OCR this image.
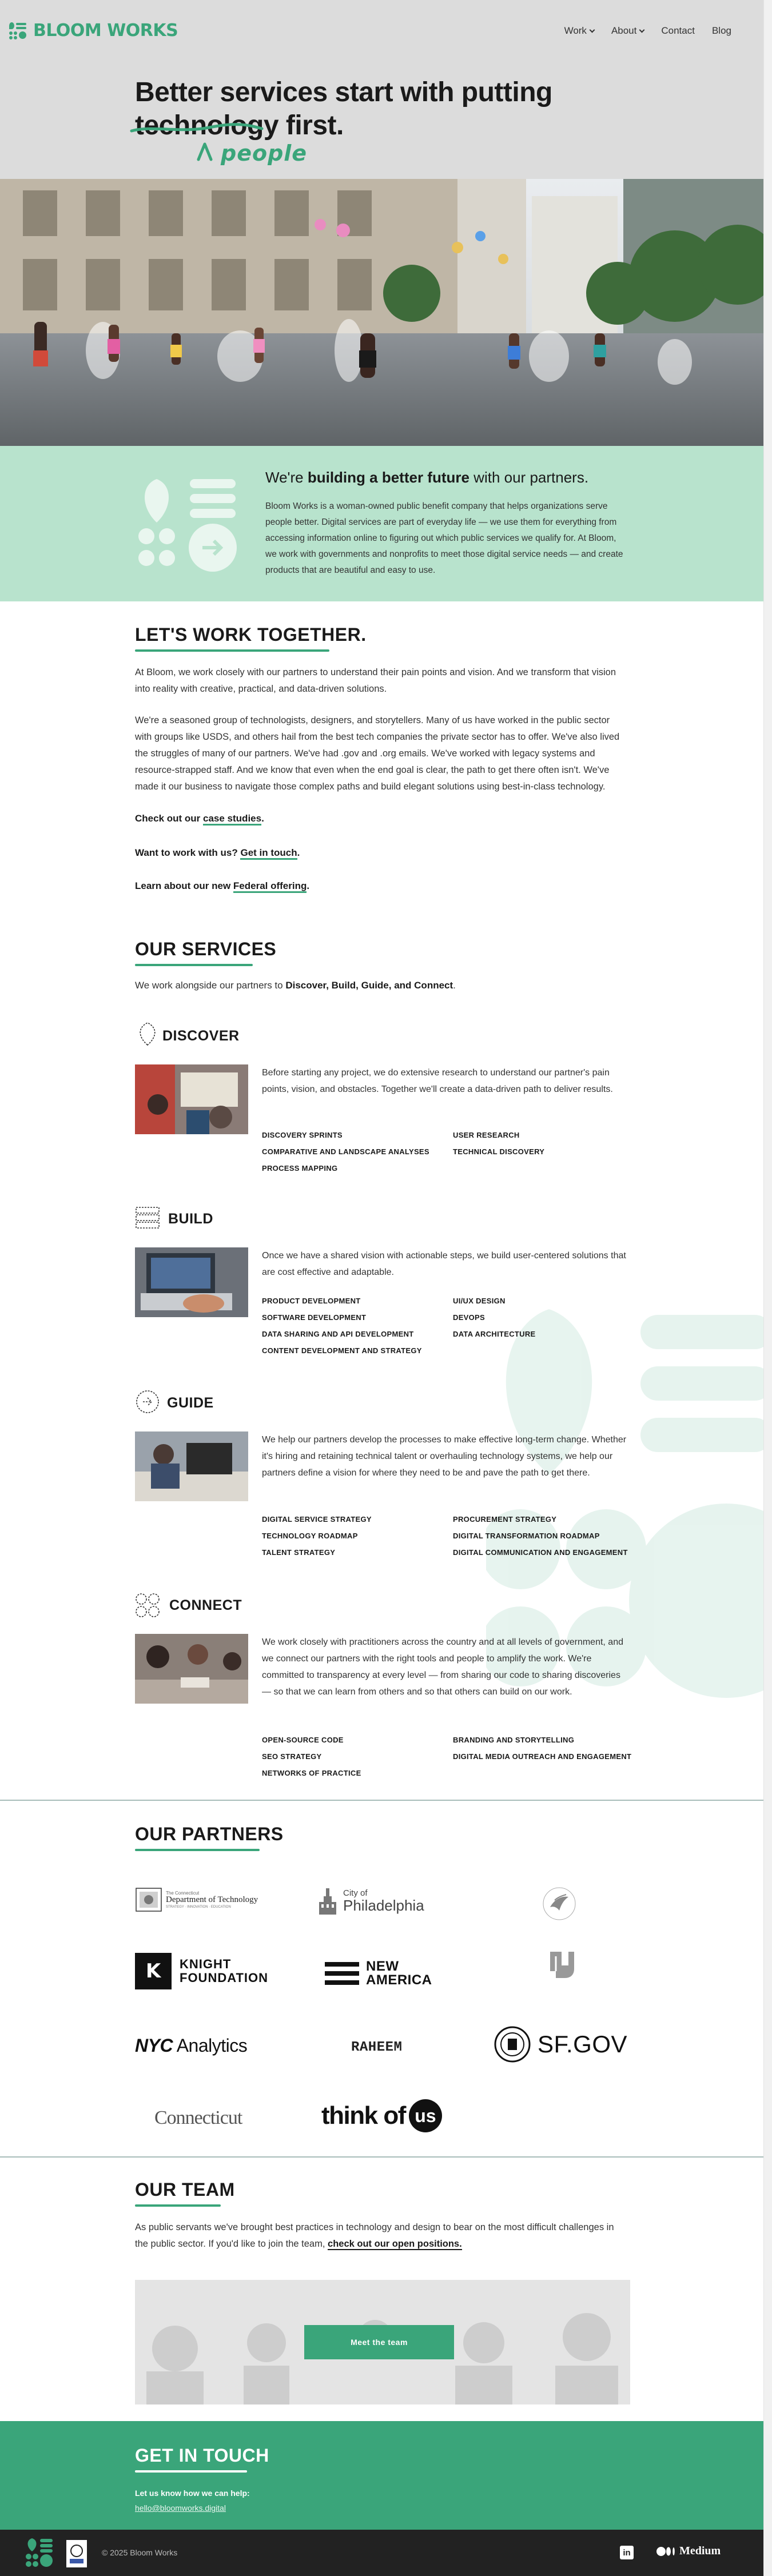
BLOOM WORKS	Work	About	Contact Blog
Better services start with putting
technology
first.
people
We're building a better future with our partners.
Bloom Works is a woman-owned public benefit company that helps organizations serve people better. Digital services are part of everyday life — we use them for everything from accessing information online to figuring out which public services we qualify for. At Bloom, we work with governments and nonprofits to meet those digital service needs — and create products that are beautiful and easy to use.
LET'S WORK TOGETHER.
At Bloom, we work closely with our partners to understand their pain points and vision. And we transform that vision into reality with creative, practical, and data-driven solutions.
We're a seasoned group of technologists, designers, and storytellers. Many of us have worked in the public sector with groups like USDS, and others hail from the best tech companies the private sector has to offer. We've also lived the struggles of many of our partners. We've had .gov and .org emails. We've worked with legacy systems and resource-strapped staff. And we know that even when the end goal is clear, the path to get there often isn't. We've made it our business to navigate those complex paths and build elegant solutions using best-in-class technology.
Check out our case studies.
Want to work with us? Get in touch.
Learn about our new Federal offering.
OUR SERVICES
We work alongside our partners to Discover, Build, Guide, and Connect.
DISCOVER
Before starting any project, we do extensive research to understand our partner's pain points, vision, and obstacles. Together we'll create a data-driven path to deliver results.
DISCOVERY SPRINTS	USER RESEARCH
COMPARATIVE AND LANDSCAPE ANALYSES	TECHNICAL DISCOVERY
PROCESS MAPPING
BUILD
Once we have a shared vision with actionable steps, we build user-centered solutions that are cost effective and adaptable.
PRODUCT DEVELOPMENT	UI/UX DESIGN
SOFTWARE DEVELOPMENT	DEVOPS
DATA SHARING AND API DEVELOPMENT	DATA ARCHITECTURE
CONTENT DEVELOPMENT AND STRATEGY
GUIDE
We help our partners develop the processes to make effective long-term change. Whether it's hiring and retaining technical talent or overhauling technology systems, we help our partners define a vision for where they need to be and pave the path to get there.
DIGITAL SERVICE STRATEGY	PROCUREMENT STRATEGY
TECHNOLOGY ROADMAP	DIGITAL TRANSFORMATION ROADMAP
TALENT STRATEGY	DIGITAL COMMUNICATION AND ENGAGEMENT
CONNECT
We work closely with practitioners across the country and at all levels of government, and we connect our partners with the right tools and people to amplify the work. We're committed to transparency at every level — from sharing our code to sharing discoveries — so that we can learn from others and so that others can build on our work.
OPEN-SOURCE CODE	BRANDING AND STORYTELLING
SEO STRATEGY	DIGITAL MEDIA OUTREACH AND ENGAGEMENT
NETWORKS OF PRACTICE
OUR PARTNERS
The Connecticut
Department of Technology
STRATEGY · INNOVATION · EDUCATION
City of
Philadelphia
K	KNIGHT
FOUNDATION
NEW
AMERICA
NYC Analytics	RAHEEM	SF.GOV
Connecticut	think of us
OUR TEAM
As public servants we've brought best practices in technology and design to bear on the most difficult challenges in the public sector. If you'd like to join the team, check out our open positions.
Meet the team
GET IN TOUCH
Let us know how we can help:
hello@bloomworks.digital
© 2025 Bloom Works	in	Medium
